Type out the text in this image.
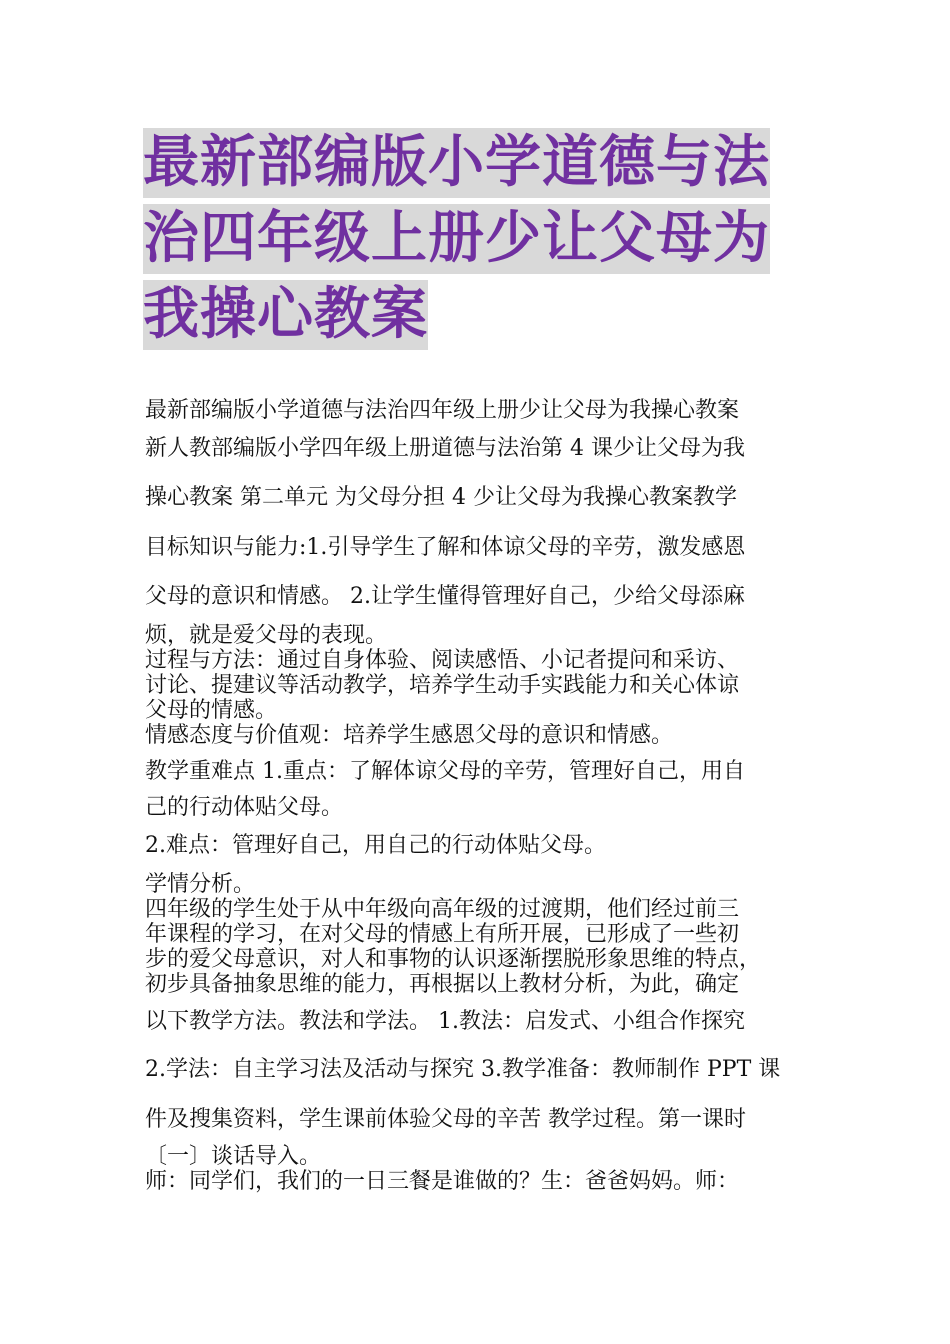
最新部编版小学道德与法
治四年级上册少让父母为
我操心教案
最新部编版小学道德与法治四年级上册少让父母为我操心教案
新人教部编版小学四年级上册道德与法治第 4 课少让父母为我
操心教案 第二单元 为父母分担 4 少让父母为我操心教案教学
目标知识与能力:1.引导学生了解和体谅父母的辛劳，激发感恩
父母的意识和情感。 2.让学生懂得管理好自己，少给父母添麻
烦，就是爱父母的表现。
过程与方法：通过自身体验、阅读感悟、小记者提问和采访、
讨论、提建议等活动教学，培养学生动手实践能力和关心体谅
父母的情感。
情感态度与价值观：培养学生感恩父母的意识和情感。
教学重难点 1.重点：了解体谅父母的辛劳，管理好自己，用自
己的行动体贴父母。
2.难点：管理好自己，用自己的行动体贴父母。
学情分析。
四年级的学生处于从中年级向高年级的过渡期，他们经过前三
年课程的学习，在对父母的情感上有所开展，已形成了一些初
步的爱父母意识，对人和事物的认识逐渐摆脱形象思维的特点，
初步具备抽象思维的能力，再根据以上教材分析，为此，确定
以下教学方法。教法和学法。 1.教法：启发式、小组合作探究
2.学法：自主学习法及活动与探究 3.教学准备：教师制作 PPT 课
件及搜集资料，学生课前体验父母的辛苦 教学过程。第一课时
〔一〕谈话导入。
师：同学们，我们的一日三餐是谁做的？生：爸爸妈妈。师：
